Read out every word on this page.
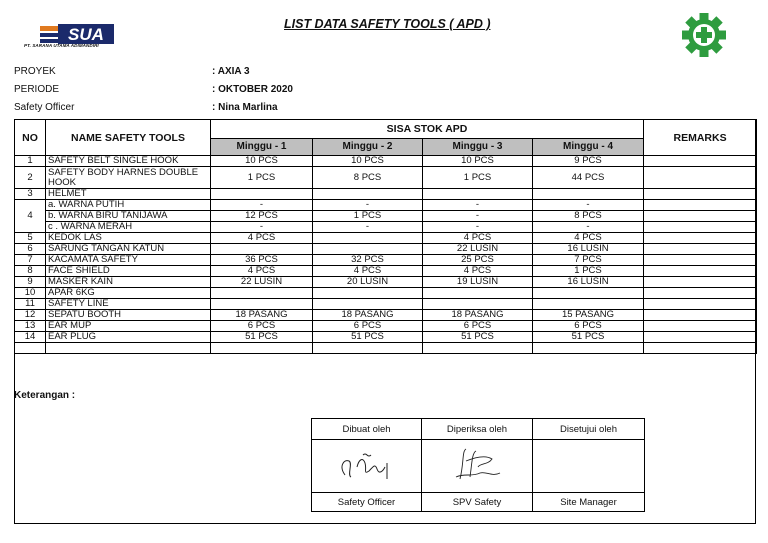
SUA
PT. SARANA UTAMA ADIMANDIRI
LIST DATA SAFETY TOOLS ( APD )
PROYEK	: AXIA 3
PERIODE	: OKTOBER 2020
Safety Officer	: Nina Marlina
NO	NAME SAFETY TOOLS	SISA STOK APD				REMARKS
		Minggu - 1	Minggu - 2	Minggu - 3	Minggu - 4	
1	SAFETY BELT SINGLE HOOK	10 PCS	10 PCS	10 PCS	9 PCS	
2	SAFETY BODY HARNES DOUBLE HOOK	1 PCS	8 PCS	1 PCS	44 PCS	
3	HELMET					
4	a. WARNA PUTIH	-	-	-	-	
	b. WARNA BIRU TANIJAWA	12 PCS	1 PCS	-	8 PCS	
	c . WARNA MERAH	-	-	-	-	
5	KEDOK LAS	4 PCS		4 PCS	4 PCS	
6	SARUNG TANGAN KATUN			22 LUSIN	16 LUSIN	
7	KACAMATA SAFETY	36 PCS	32 PCS	25 PCS	7 PCS	
8	FACE SHIELD	4 PCS	4 PCS	4 PCS	1 PCS	
9	MASKER KAIN	22 LUSIN	20 LUSIN	19 LUSIN	16 LUSIN	
10	APAR 6KG					
11	SAFETY LINE					
12	SEPATU BOOTH	18 PASANG	18 PASANG	18 PASANG	15 PASANG	
13	EAR MUP	6 PCS	6 PCS	6 PCS	6 PCS	
14	EAR PLUG	51 PCS	51 PCS	51 PCS	51 PCS	

Keterangan :
Dibuat oleh	Diperiksa oleh	Disetujui oleh

Safety Officer	SPV Safety	Site Manager
